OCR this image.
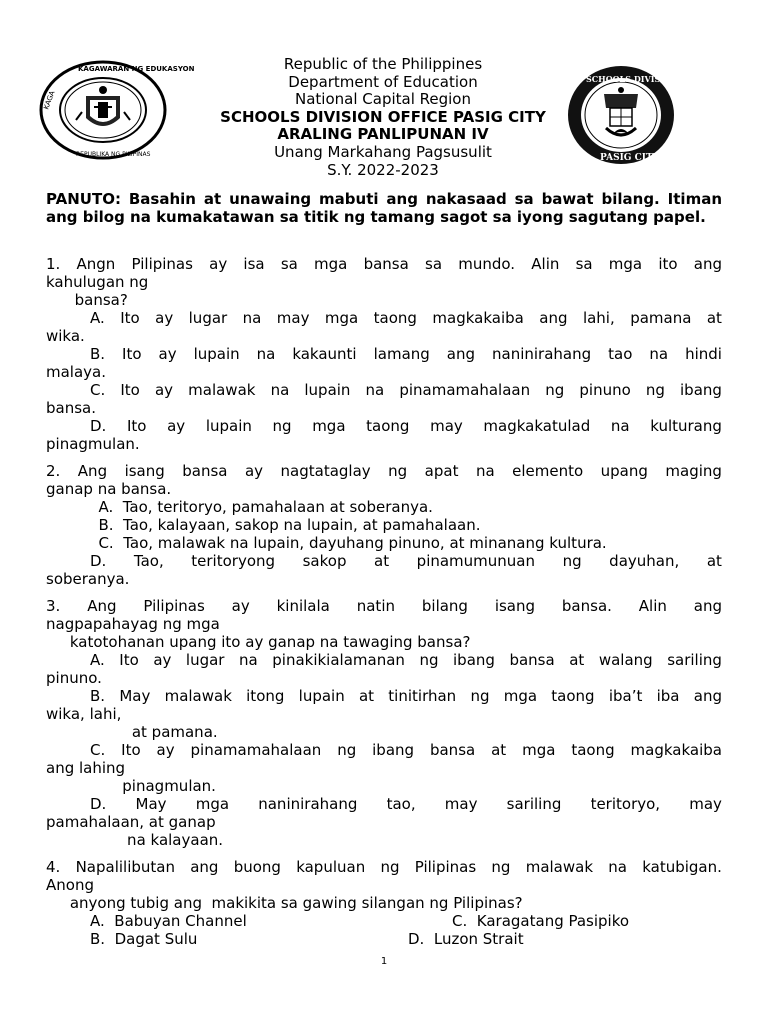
KAGA
KAGAWARAN NG EDUKASYON
REPUBLIKA NG PILIPINAS
SCHOOLS DIVISION OFFICE
PASIG CITY
Republic of the Philippines
Department of Education
National Capital Region
SCHOOLS DIVISION OFFICE PASIG CITY
ARALING PANLIPUNAN IV
Unang Markahang Pagsusulit
S.Y. 2022-2023
PANUTO: Basahin at unawaing mabuti ang nakasaad sa bawat bilang. Itiman ang bilog na kumakatawan sa titik ng tamang sagot sa iyong sagutang papel.
1. Angn Pilipinas ay isa sa mga bansa sa mundo. Alin sa mga ito ang
kahulugan ng
bansa?
A. Ito ay lugar na may mga taong magkakaiba ang lahi, pamana at
wika.
B. Ito ay lupain na kakaunti lamang ang naninirahang tao na hindi
malaya.
C. Ito ay malawak na lupain na pinamamahalaan ng pinuno ng ibang
bansa.
D. Ito ay lupain ng mga taong may magkakatulad na kulturang
pinagmulan.
2. Ang isang bansa ay nagtataglay ng apat na elemento upang maging
ganap na bansa.
A.  Tao, teritoryo, pamahalaan at soberanya.
B.  Tao, kalayaan, sakop na lupain, at pamahalaan.
C.  Tao, malawak na lupain, dayuhang pinuno, at minanang kultura.
D. Tao, teritoryong sakop at pinamumunuan ng dayuhan, at
soberanya.
3. Ang Pilipinas ay kinilala natin bilang isang bansa. Alin ang
nagpapahayag ng mga
katotohanan upang ito ay ganap na tawaging bansa?
A. Ito ay lugar na pinakikialamanan ng ibang bansa at walang sariling
pinuno.
B. May malawak itong lupain at tinitirhan ng mga taong iba’t iba ang
wika, lahi,
at pamana.
C. Ito ay pinamamahalaan ng ibang bansa at mga taong magkakaiba
ang lahing
pinagmulan.
D. May mga naninirahang tao, may sariling teritoryo, may
pamahalaan, at ganap
na kalayaan.
4. Napalilibutan ang buong kapuluan ng Pilipinas ng malawak na katubigan.
Anong
anyong tubig ang  makikita sa gawing silangan ng Pilipinas?

A.  Babuyan Channel

	C.  Karagatang Pasipiko

B.  Dagat Sulu

	D.  Luzon Strait

1
